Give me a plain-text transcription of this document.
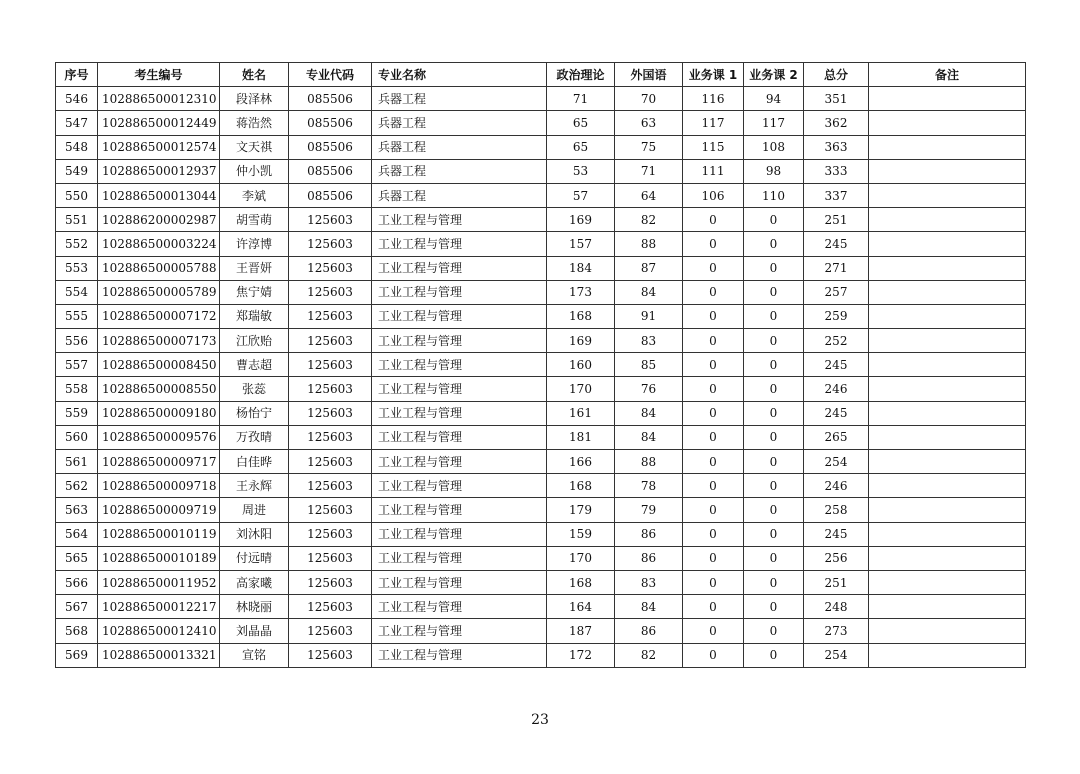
序号	考生编号	姓名	专业代码	专业名称	政治理论	外国语	业务课 1	业务课 2	总分	备注
546	102886500012310	段泽林	085506	兵器工程	71	70	116	94	351	
547	102886500012449	蒋浩然	085506	兵器工程	65	63	117	117	362	
548	102886500012574	文天祺	085506	兵器工程	65	75	115	108	363	
549	102886500012937	仲小凯	085506	兵器工程	53	71	111	98	333	
550	102886500013044	李斌	085506	兵器工程	57	64	106	110	337	
551	102886200002987	胡雪萌	125603	工业工程与管理	169	82	0	0	251	
552	102886500003224	许淳博	125603	工业工程与管理	157	88	0	0	245	
553	102886500005788	王晋妍	125603	工业工程与管理	184	87	0	0	271	
554	102886500005789	焦宁婧	125603	工业工程与管理	173	84	0	0	257	
555	102886500007172	郑瑞敏	125603	工业工程与管理	168	91	0	0	259	
556	102886500007173	江欣贻	125603	工业工程与管理	169	83	0	0	252	
557	102886500008450	曹志超	125603	工业工程与管理	160	85	0	0	245	
558	102886500008550	张蕊	125603	工业工程与管理	170	76	0	0	246	
559	102886500009180	杨怡宁	125603	工业工程与管理	161	84	0	0	245	
560	102886500009576	万孜晴	125603	工业工程与管理	181	84	0	0	265	
561	102886500009717	白佳晔	125603	工业工程与管理	166	88	0	0	254	
562	102886500009718	王永辉	125603	工业工程与管理	168	78	0	0	246	
563	102886500009719	周进	125603	工业工程与管理	179	79	0	0	258	
564	102886500010119	刘沐阳	125603	工业工程与管理	159	86	0	0	245	
565	102886500010189	付远晴	125603	工业工程与管理	170	86	0	0	256	
566	102886500011952	高家曦	125603	工业工程与管理	168	83	0	0	251	
567	102886500012217	林晓丽	125603	工业工程与管理	164	84	0	0	248	
568	102886500012410	刘晶晶	125603	工业工程与管理	187	86	0	0	273	
569	102886500013321	宣铭	125603	工业工程与管理	172	82	0	0	254	
23
